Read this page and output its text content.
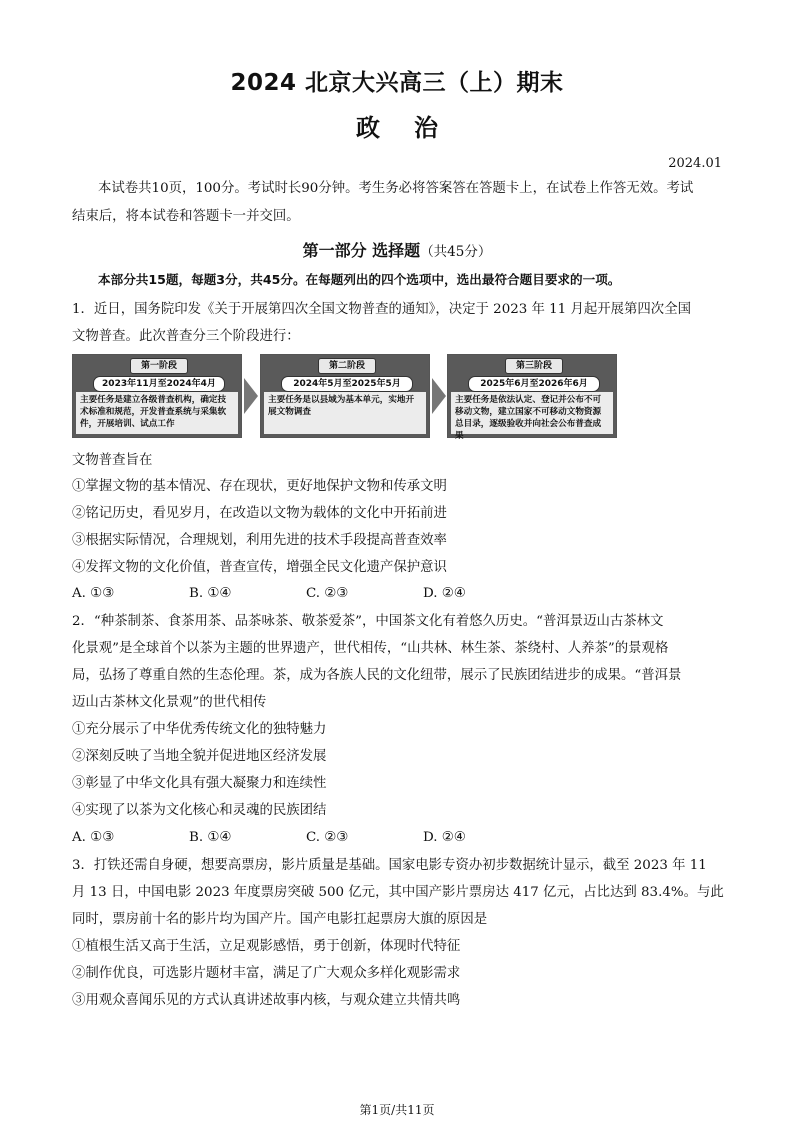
2024 北京大兴高三（上）期末
政治
2024.01
本试卷共10页，100分。考试时长90分钟。考生务必将答案答在答题卡上，在试卷上作答无效。考试
结束后，将本试卷和答题卡一并交回。
第一部分 选择题（共45分）
本部分共15题，每题3分，共45分。在每题列出的四个选项中，选出最符合题目要求的一项。
1．近日，国务院印发《关于开展第四次全国文物普查的通知》，决定于 2023 年 11 月起开展第四次全国
文物普查。此次普查分三个阶段进行：
第一阶段
2023年11月至2024年4月
主要任务是建立各级普查机构，确定技术标准和规范，开发普查系统与采集软件，开展培训、试点工作
第二阶段
2024年5月至2025年5月
主要任务是以县域为基本单元，实地开展文物调查
第三阶段
2025年6月至2026年6月
主要任务是依法认定、登记并公布不可移动文物，建立国家不可移动文物资源总目录，逐级验收并向社会公布普查成果
文物普查旨在
①掌握文物的基本情况、存在现状，更好地保护文物和传承文明
②铭记历史，看见岁月，在改造以文物为载体的文化中开拓前进
③根据实际情况，合理规划，利用先进的技术手段提高普查效率
④发挥文物的文化价值，普查宣传，增强全民文化遗产保护意识
A. ①③	B. ①④	C. ②③	D. ②④
2．“种茶制茶、食茶用茶、品茶咏茶、敬茶爱茶”，中国茶文化有着悠久历史。“普洱景迈山古茶林文
化景观”是全球首个以茶为主题的世界遗产，世代相传，“山共林、林生茶、茶绕村、人养茶”的景观格
局，弘扬了尊重自然的生态伦理。茶，成为各族人民的文化纽带，展示了民族团结进步的成果。“普洱景
迈山古茶林文化景观”的世代相传
①充分展示了中华优秀传统文化的独特魅力
②深刻反映了当地全貌并促进地区经济发展
③彰显了中华文化具有强大凝聚力和连续性
④实现了以茶为文化核心和灵魂的民族团结
A. ①③	B. ①④	C. ②③	D. ②④
3．打铁还需自身硬，想要高票房，影片质量是基础。国家电影专资办初步数据统计显示，截至 2023 年 11
月 13 日，中国电影 2023 年度票房突破 500 亿元，其中国产影片票房达 417 亿元，占比达到 83.4%。与此
同时，票房前十名的影片均为国产片。国产电影扛起票房大旗的原因是
①植根生活又高于生活，立足观影感悟，勇于创新，体现时代特征
②制作优良，可选影片题材丰富，满足了广大观众多样化观影需求
③用观众喜闻乐见的方式认真讲述故事内核，与观众建立共情共鸣
第1页/共11页
